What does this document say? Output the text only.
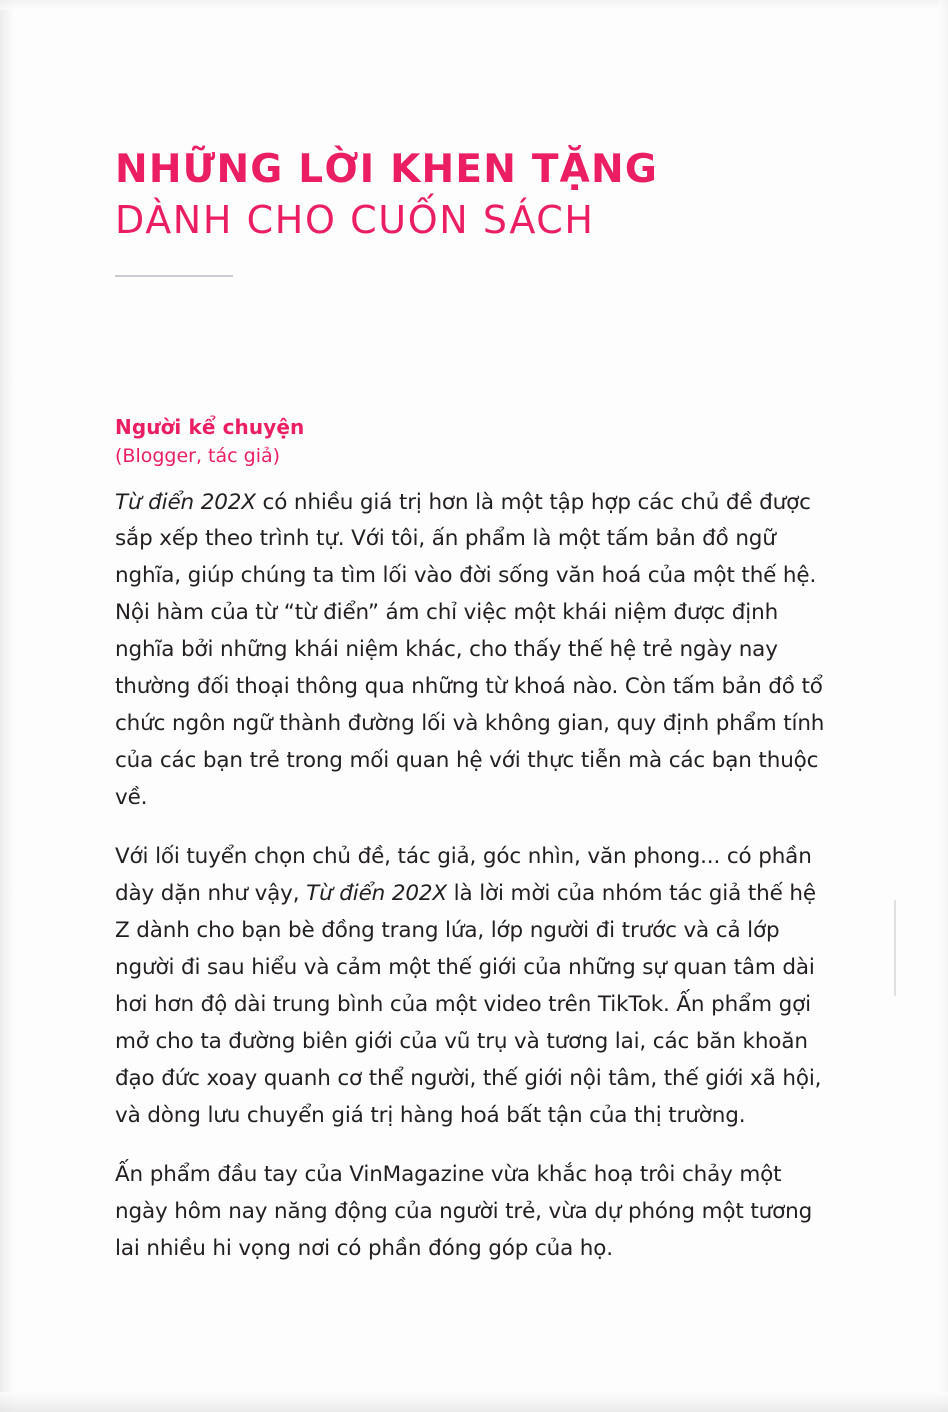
NHỮNG LỜI KHEN TẶNG
DÀNH CHO CUỐN SÁCH

Người kể chuyện

(Blogger, tác giả)

Từ điển 202X có nhiều giá trị hơn là một tập hợp các chủ đề được sắp xếp theo trình tự. Với tôi, ấn phẩm là một tấm bản đồ ngữ nghĩa, giúp chúng ta tìm lối vào đời sống văn hoá của một thế hệ. Nội hàm của từ “từ điển” ám chỉ việc một khái niệm được định nghĩa bởi những khái niệm khác, cho thấy thế hệ trẻ ngày nay thường đối thoại thông qua những từ khoá nào. Còn tấm bản đồ tổ chức ngôn ngữ thành đường lối và không gian, quy định phẩm tính của các bạn trẻ trong mối quan hệ với thực tiễn mà các bạn thuộc về.

Với lối tuyển chọn chủ đề, tác giả, góc nhìn, văn phong... có phần dày dặn như vậy, Từ điển 202X là lời mời của nhóm tác giả thế hệ Z dành cho bạn bè đồng trang lứa, lớp người đi trước và cả lớp người đi sau hiểu và cảm một thế giới của những sự quan tâm dài hơi hơn độ dài trung bình của một video trên TikTok. Ấn phẩm gợi mở cho ta đường biên giới của vũ trụ và tương lai, các băn khoăn đạo đức xoay quanh cơ thể người, thế giới nội tâm, thế giới xã hội, và dòng lưu chuyển giá trị hàng hoá bất tận của thị trường.

Ấn phẩm đầu tay của VinMagazine vừa khắc hoạ trôi chảy một ngày hôm nay năng động của người trẻ, vừa dự phóng một tương lai nhiều hi vọng nơi có phần đóng góp của họ.
